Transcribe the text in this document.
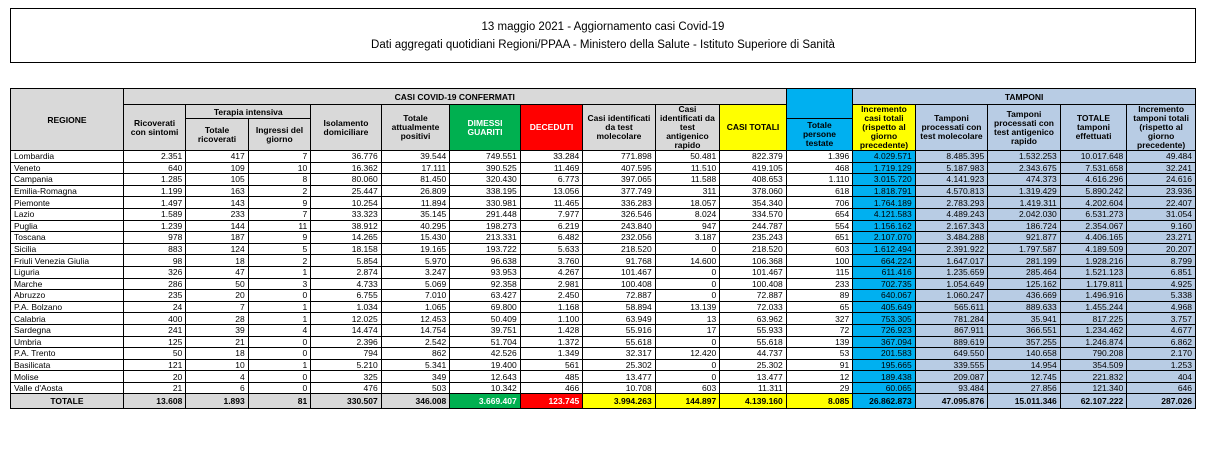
13 maggio 2021 - Aggiornamento casi Covid-19
Dati aggregati quotidiani Regioni/PPAA - Ministero della Salute - Istituto Superiore di Sanità
REGIONE	CASI COVID-19 CONFERMATI											TAMPONI				
	Ricoverati con sintomi	Terapia intensiva		Isolamento domiciliare	Totale attualmente positivi	DIMESSI GUARITI	DECEDUTI	Casi identificati da test molecolare	Casi identificati da test antigenico rapido	CASI TOTALI		Incremento casi totali (rispetto al giorno precedente)	Tamponi processati con test molecolare	Tamponi processati con test antigenico rapido	TOTALE tamponi effettuati	Incremento tamponi totali (rispetto al giorno precedente)
		Totale ricoverati	Ingressi del giorno								Totale persone testate					
Lombardia	2.351	417	7	36.776	39.544	749.551	33.284	771.898	50.481	822.379	1.396	4.029.571	8.485.395	1.532.253	10.017.648	49.484
Veneto	640	109	10	16.362	17.111	390.525	11.469	407.595	11.510	419.105	468	1.719.129	5.187.983	2.343.675	7.531.658	32.241
Campania	1.285	105	8	80.060	81.450	320.430	6.773	397.065	11.588	408.653	1.110	3.015.720	4.141.923	474.373	4.616.296	24.616
Emilia-Romagna	1.199	163	2	25.447	26.809	338.195	13.056	377.749	311	378.060	618	1.818.791	4.570.813	1.319.429	5.890.242	23.936
Piemonte	1.497	143	9	10.254	11.894	330.981	11.465	336.283	18.057	354.340	706	1.764.189	2.783.293	1.419.311	4.202.604	22.407
Lazio	1.589	233	7	33.323	35.145	291.448	7.977	326.546	8.024	334.570	654	4.121.583	4.489.243	2.042.030	6.531.273	31.054
Puglia	1.239	144	11	38.912	40.295	198.273	6.219	243.840	947	244.787	554	1.156.162	2.167.343	186.724	2.354.067	9.160
Toscana	978	187	9	14.265	15.430	213.331	6.482	232.056	3.187	235.243	651	2.107.070	3.484.288	921.877	4.406.165	23.271
Sicilia	883	124	5	18.158	19.165	193.722	5.633	218.520	0	218.520	603	1.612.494	2.391.922	1.797.587	4.189.509	20.207
Friuli Venezia Giulia	98	18	2	5.854	5.970	96.638	3.760	91.768	14.600	106.368	100	664.224	1.647.017	281.199	1.928.216	8.799
Liguria	326	47	1	2.874	3.247	93.953	4.267	101.467	0	101.467	115	611.416	1.235.659	285.464	1.521.123	6.851
Marche	286	50	3	4.733	5.069	92.358	2.981	100.408	0	100.408	233	702.735	1.054.649	125.162	1.179.811	4.925
Abruzzo	235	20	0	6.755	7.010	63.427	2.450	72.887	0	72.887	89	640.067	1.060.247	436.669	1.496.916	5.338
P.A. Bolzano	24	7	1	1.034	1.065	69.800	1.168	58.894	13.139	72.033	65	405.649	565.611	889.633	1.455.244	4.968
Calabria	400	28	1	12.025	12.453	50.409	1.100	63.949	13	63.962	327	753.305	781.284	35.941	817.225	3.757
Sardegna	241	39	4	14.474	14.754	39.751	1.428	55.916	17	55.933	72	726.923	867.911	366.551	1.234.462	4.677
Umbria	125	21	0	2.396	2.542	51.704	1.372	55.618	0	55.618	139	367.094	889.619	357.255	1.246.874	6.862
P.A. Trento	50	18	0	794	862	42.526	1.349	32.317	12.420	44.737	53	201.583	649.550	140.658	790.208	2.170
Basilicata	121	10	1	5.210	5.341	19.400	561	25.302	0	25.302	91	195.665	339.555	14.954	354.509	1.253
Molise	20	4	0	325	349	12.643	485	13.477	0	13.477	12	189.438	209.087	12.745	221.832	404
Valle d'Aosta	21	6	0	476	503	10.342	466	10.708	603	11.311	29	60.065	93.484	27.856	121.340	646
TOTALE	13.608	1.893	81	330.507	346.008	3.669.407	123.745	3.994.263	144.897	4.139.160	8.085	26.862.873	47.095.876	15.011.346	62.107.222	287.026
